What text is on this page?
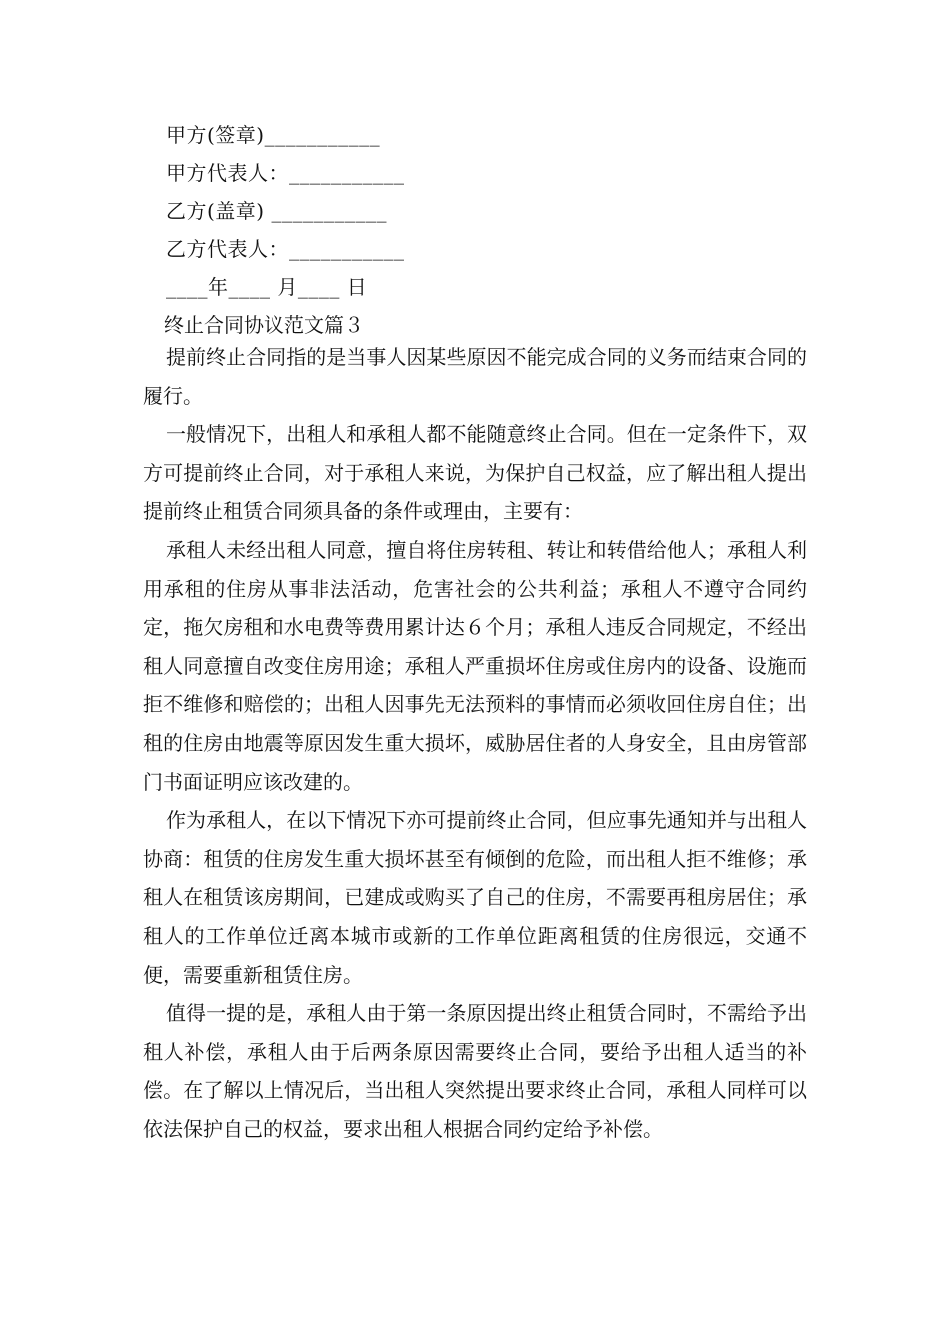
甲方(签章)___________
甲方代表人：___________
乙方(盖章) ___________
乙方代表人：___________
____年____ 月____ 日
终止合同协议范文篇３

提前终止合同指的是当事人因某些原因不能完成合同的义务而结束合同的履行。

一般情况下，出租人和承租人都不能随意终止合同。但在一定条件下，双方可提前终止合同，对于承租人来说，为保护自己权益，应了解出租人提出提前终止租赁合同须具备的条件或理由，主要有：

承租人未经出租人同意，擅自将住房转租、转让和转借给他人；承租人利用承租的住房从事非法活动，危害社会的公共利益；承租人不遵守合同约定，拖欠房租和水电费等费用累计达６个月；承租人违反合同规定，不经出租人同意擅自改变住房用途；承租人严重损坏住房或住房内的设备、设施而拒不维修和赔偿的；出租人因事先无法预料的事情而必须收回住房自住；出租的住房由地震等原因发生重大损坏，威胁居住者的人身安全，且由房管部门书面证明应该改建的。

作为承租人，在以下情况下亦可提前终止合同，但应事先通知并与出租人协商：租赁的住房发生重大损坏甚至有倾倒的危险，而出租人拒不维修；承租人在租赁该房期间，已建成或购买了自己的住房，不需要再租房居住；承租人的工作单位迁离本城市或新的工作单位距离租赁的住房很远，交通不便，需要重新租赁住房。

值得一提的是，承租人由于第一条原因提出终止租赁合同时，不需给予出租人补偿，承租人由于后两条原因需要终止合同，要给予出租人适当的补偿。在了解以上情况后，当出租人突然提出要求终止合同，承租人同样可以依法保护自己的权益，要求出租人根据合同约定给予补偿。
